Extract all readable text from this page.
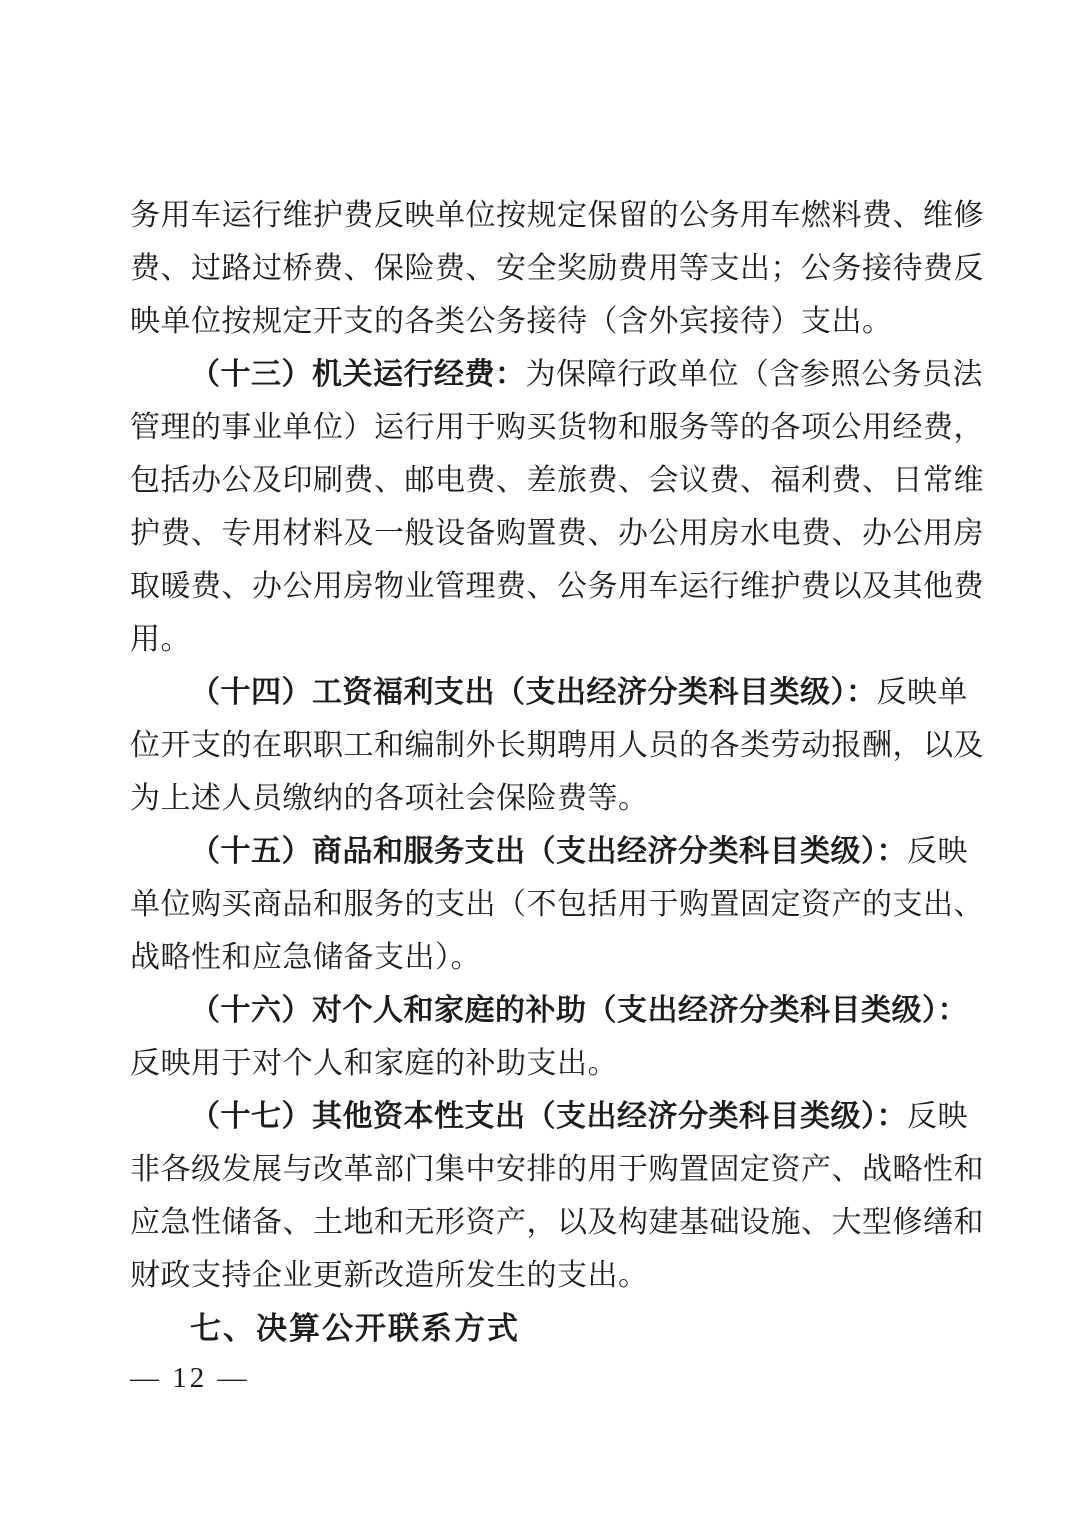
务用车运行维护费反映单位按规定保留的公务用车燃料费、维修
费、过路过桥费、保险费、安全奖励费用等支出；公务接待费反
映单位按规定开支的各类公务接待（含外宾接待）支出。
（十三）机关运行经费：为保障行政单位（含参照公务员法
管理的事业单位）运行用于购买货物和服务等的各项公用经费，
包括办公及印刷费、邮电费、差旅费、会议费、福利费、日常维
护费、专用材料及一般设备购置费、办公用房水电费、办公用房
取暖费、办公用房物业管理费、公务用车运行维护费以及其他费
用。
（十四）工资福利支出（支出经济分类科目类级）：反映单
位开支的在职职工和编制外长期聘用人员的各类劳动报酬，以及
为上述人员缴纳的各项社会保险费等。
（十五）商品和服务支出（支出经济分类科目类级）：反映
单位购买商品和服务的支出（不包括用于购置固定资产的支出、
战略性和应急储备支出）。
（十六）对个人和家庭的补助（支出经济分类科目类级）：
反映用于对个人和家庭的补助支出。
（十七）其他资本性支出（支出经济分类科目类级）：反映
非各级发展与改革部门集中安排的用于购置固定资产、战略性和
应急性储备、土地和无形资产，以及构建基础设施、大型修缮和
财政支持企业更新改造所发生的支出。
七、决算公开联系方式
— 12 —
